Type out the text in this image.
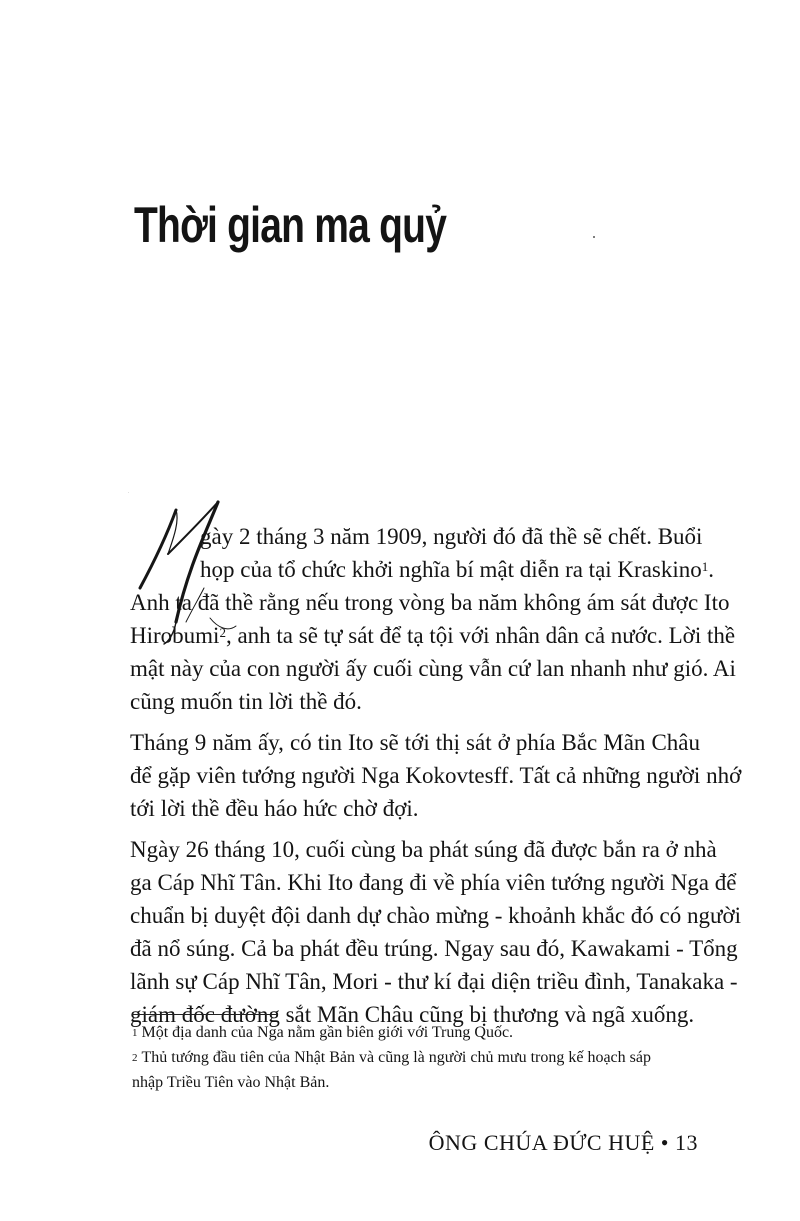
Thời gian ma quỷ

gày 2 tháng 3 năm 1909, người đó đã thề sẽ chết. Buổi
họp của tổ chức khởi nghĩa bí mật diễn ra tại Kraskino$^1$.
Anh ta đã thề rằng nếu trong vòng ba năm không ám sát được Ito
Hirobumi$^2$, anh ta sẽ tự sát để tạ tội với nhân dân cả nước. Lời thề
mật này của con người ấy cuối cùng vẫn cứ lan nhanh như gió. Ai
cũng muốn tin lời thề đó.

Tháng 9 năm ấy, có tin Ito sẽ tới thị sát ở phía Bắc Mãn Châu
để gặp viên tướng người Nga Kokovtesff. Tất cả những người nhớ
tới lời thề đều háo hức chờ đợi.

Ngày 26 tháng 10, cuối cùng ba phát súng đã được bắn ra ở nhà
ga Cáp Nhĩ Tân. Khi Ito đang đi về phía viên tướng người Nga để
chuẩn bị duyệt đội danh dự chào mừng - khoảnh khắc đó có người
đã nổ súng. Cả ba phát đều trúng. Ngay sau đó, Kawakami - Tổng
lãnh sự Cáp Nhĩ Tân, Mori - thư kí đại diện triều đình, Tanakaka -
giám đốc đường sắt Mãn Châu cũng bị thương và ngã xuống.

$^1$ Một địa danh của Nga nằm gần biên giới với Trung Quốc.

$^2$ Thủ tướng đầu tiên của Nhật Bản và cũng là người chủ mưu trong kế hoạch sáp

nhập Triều Tiên vào Nhật Bản.

ÔNG CHÚA ĐỨC HUỆ • 13
